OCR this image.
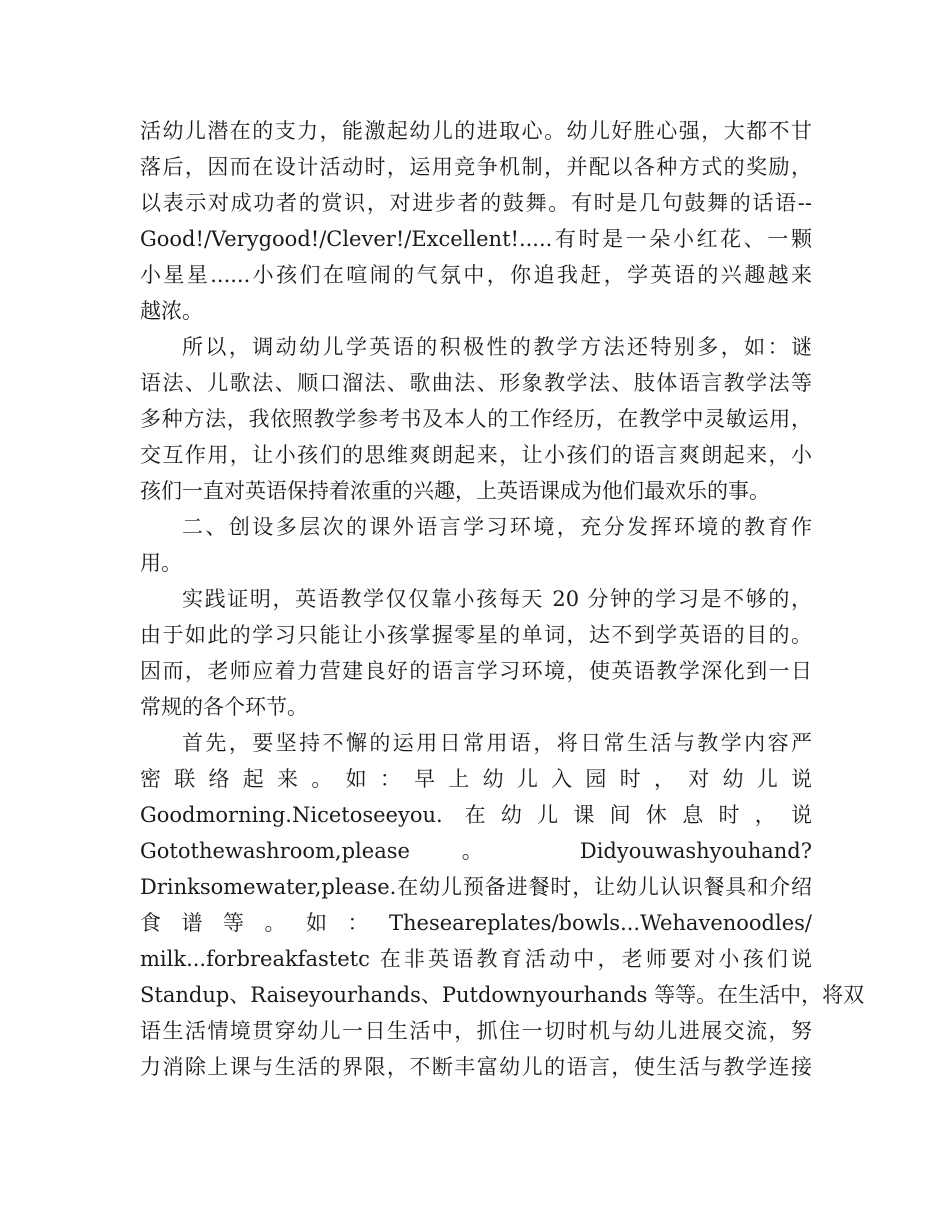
活幼儿潜在的支力，能激起幼儿的进取心。幼儿好胜心强，大都不甘
落后，因而在设计活动时，运用竞争机制，并配以各种方式的奖励，
以表示对成功者的赏识，对进步者的鼓舞。有时是几句鼓舞的话语--
Good!/Verygood!/Clever!/Excellent!.....有时是一朵小红花、一颗
小星星......小孩们在喧闹的气氛中，你追我赶，学英语的兴趣越来
越浓。
所以，调动幼儿学英语的积极性的教学方法还特别多，如：谜
语法、儿歌法、顺口溜法、歌曲法、形象教学法、肢体语言教学法等
多种方法，我依照教学参考书及本人的工作经历，在教学中灵敏运用，
交互作用，让小孩们的思维爽朗起来，让小孩们的语言爽朗起来，小
孩们一直对英语保持着浓重的兴趣，上英语课成为他们最欢乐的事。
二、创设多层次的课外语言学习环境，充分发挥环境的教育作
用。
实践证明，英语教学仅仅靠小孩每天 20 分钟的学习是不够的，
由于如此的学习只能让小孩掌握零星的单词，达不到学英语的目的。
因而，老师应着力营建良好的语言学习环境，使英语教学深化到一日
常规的各个环节。
首先，要坚持不懈的运用日常用语，将日常生活与教学内容严
密联络起来。如：早上幼儿入园时，对幼儿说
Goodmorning.Nicetoseeyou. 在幼儿课间休息时，说
Gotothewashroom,please 。 Didyouwashyouhand?
Drinksomewater,please.在幼儿预备进餐时，让幼儿认识餐具和介绍
食谱等。如：Theseareplates/bowls...Wehavenoodles/
milk...forbreakfastetc 在非英语教育活动中，老师要对小孩们说
Standup、Raiseyourhands、Putdownyourhands 等等。在生活中，将双
语生活情境贯穿幼儿一日生活中，抓住一切时机与幼儿进展交流，努
力消除上课与生活的界限，不断丰富幼儿的语言，使生活与教学连接
